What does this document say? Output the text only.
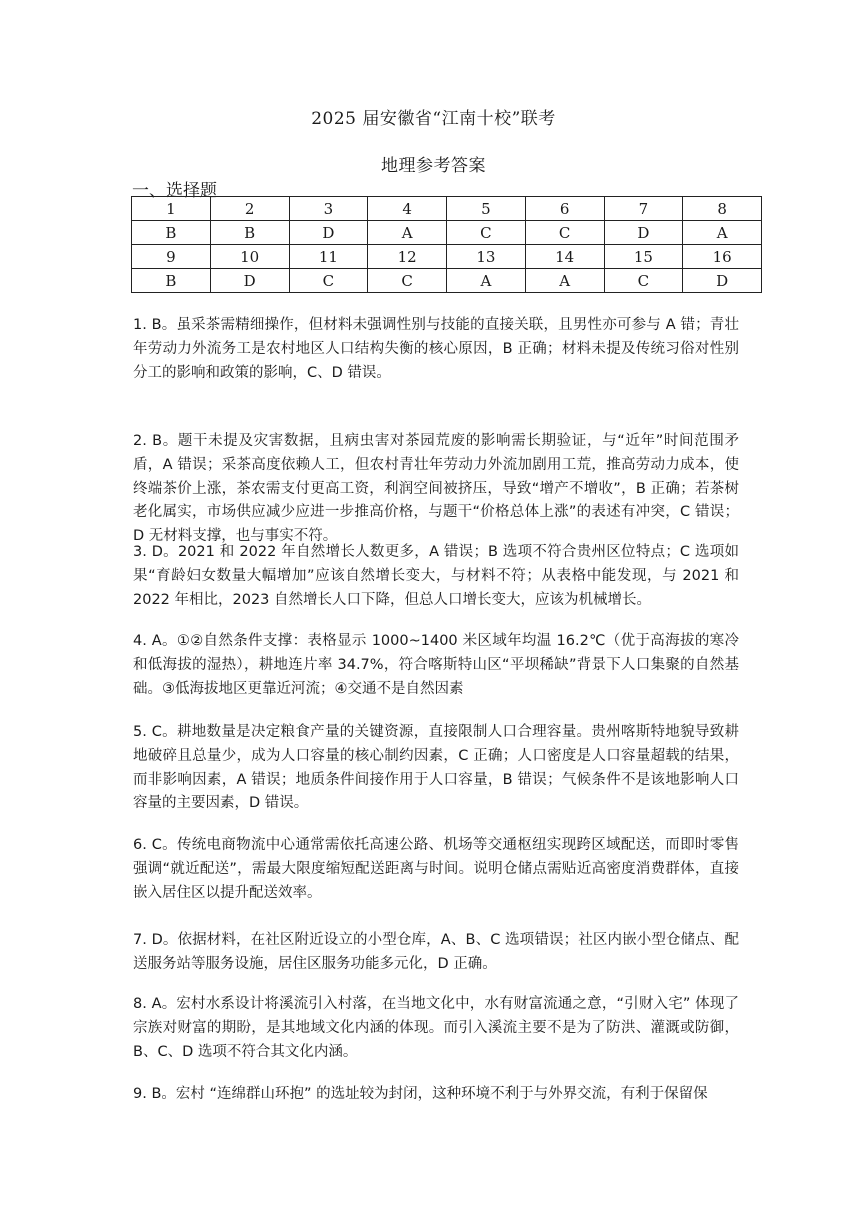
2025 届安徽省“江南十校”联考
地理参考答案
一、选择题
1	2	3	4	5	6	7	8
B	B	D	A	C	C	D	A
9	10	11	12	13	14	15	16
B	D	C	C	A	A	C	D

1. B。虽采茶需精细操作，但材料未强调性别与技能的直接关联，且男性亦可参与 A 错；青壮年劳动力外流务工是农村地区人口结构失衡的核心原因，B 正确；材料未提及传统习俗对性别分工的影响和政策的影响，C、D 错误。

2. B。题干未提及灾害数据，且病虫害对茶园荒废的影响需长期验证，与“近年”时间范围矛盾，A 错误；采茶高度依赖人工，但农村青壮年劳动力外流加剧用工荒，推高劳动力成本，使终端茶价上涨，茶农需支付更高工资，利润空间被挤压，导致“增产不增收”，B 正确；若茶树老化属实，市场供应减少应进一步推高价格，与题干“价格总体上涨”的表述有冲突，C 错误；D 无材料支撑，也与事实不符。

3. D。2021 和 2022 年自然增长人数更多，A 错误；B 选项不符合贵州区位特点；C 选项如果“育龄妇女数量大幅增加”应该自然增长变大，与材料不符；从表格中能发现，与 2021 和 2022 年相比，2023 自然增长人口下降，但总人口增长变大，应该为机械增长。

4. A。①②自然条件支撑：表格显示 1000~1400 米区域年均温 16.2℃（优于高海拔的寒冷和低海拔的湿热），耕地连片率 34.7%，符合喀斯特山区“平坝稀缺”背景下人口集聚的自然基础。③低海拔地区更靠近河流；④交通不是自然因素

5. C。耕地数量是决定粮食产量的关键资源，直接限制人口合理容量。贵州喀斯特地貌导致耕地破碎且总量少，成为人口容量的核心制约因素，C 正确；人口密度是人口容量超载的结果，而非影响因素，A 错误；地质条件间接作用于人口容量，B 错误；气候条件不是该地影响人口容量的主要因素，D 错误。

6. C。传统电商物流中心通常需依托高速公路、机场等交通枢纽实现跨区域配送，而即时零售强调“就近配送”，需最大限度缩短配送距离与时间。说明仓储点需贴近高密度消费群体，直接嵌入居住区以提升配送效率。

7. D。依据材料，在社区附近设立的小型仓库，A、B、C 选项错误；社区内嵌小型仓储点、配送服务站等服务设施，居住区服务功能多元化，D 正确。

8. A。宏村水系设计将溪流引入村落，在当地文化中，水有财富流通之意，“引财入宅” 体现了宗族对财富的期盼，是其地域文化内涵的体现。而引入溪流主要不是为了防洪、灌溉或防御，B、C、D 选项不符合其文化内涵。

9. B。宏村 “连绵群山环抱” 的选址较为封闭，这种环境不利于与外界交流，有利于保留保
